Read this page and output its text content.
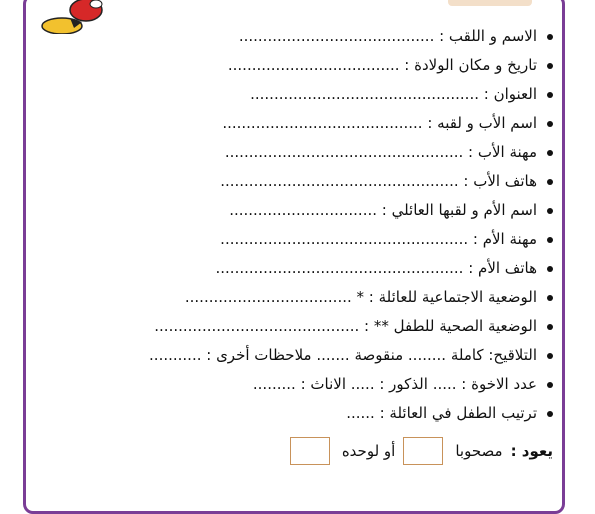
الاسم و اللقب : .........................................
تاريخ و مكان الولادة : ....................................
العنوان : ................................................
اسم الأب و لقبه : ..........................................
مهنة الأب : ..................................................
هاتف الأب : ..................................................
اسم الأم و لقبها العائلي : ...............................
مهنة الأم : ....................................................
هاتف الأم : ....................................................
الوضعية الاجتماعية للعائلة : * ...................................
الوضعية الصحية للطفل ** : ...........................................
التلاقيح: كاملة ........ منقوصة ....... ملاحظات أخرى : ...........
عدد الاخوة : ..... الذكور : ..... الاناث : .........
ترتيب الطفل في العائلة : ......
يعود :
مصحوبا
أو لوحده
